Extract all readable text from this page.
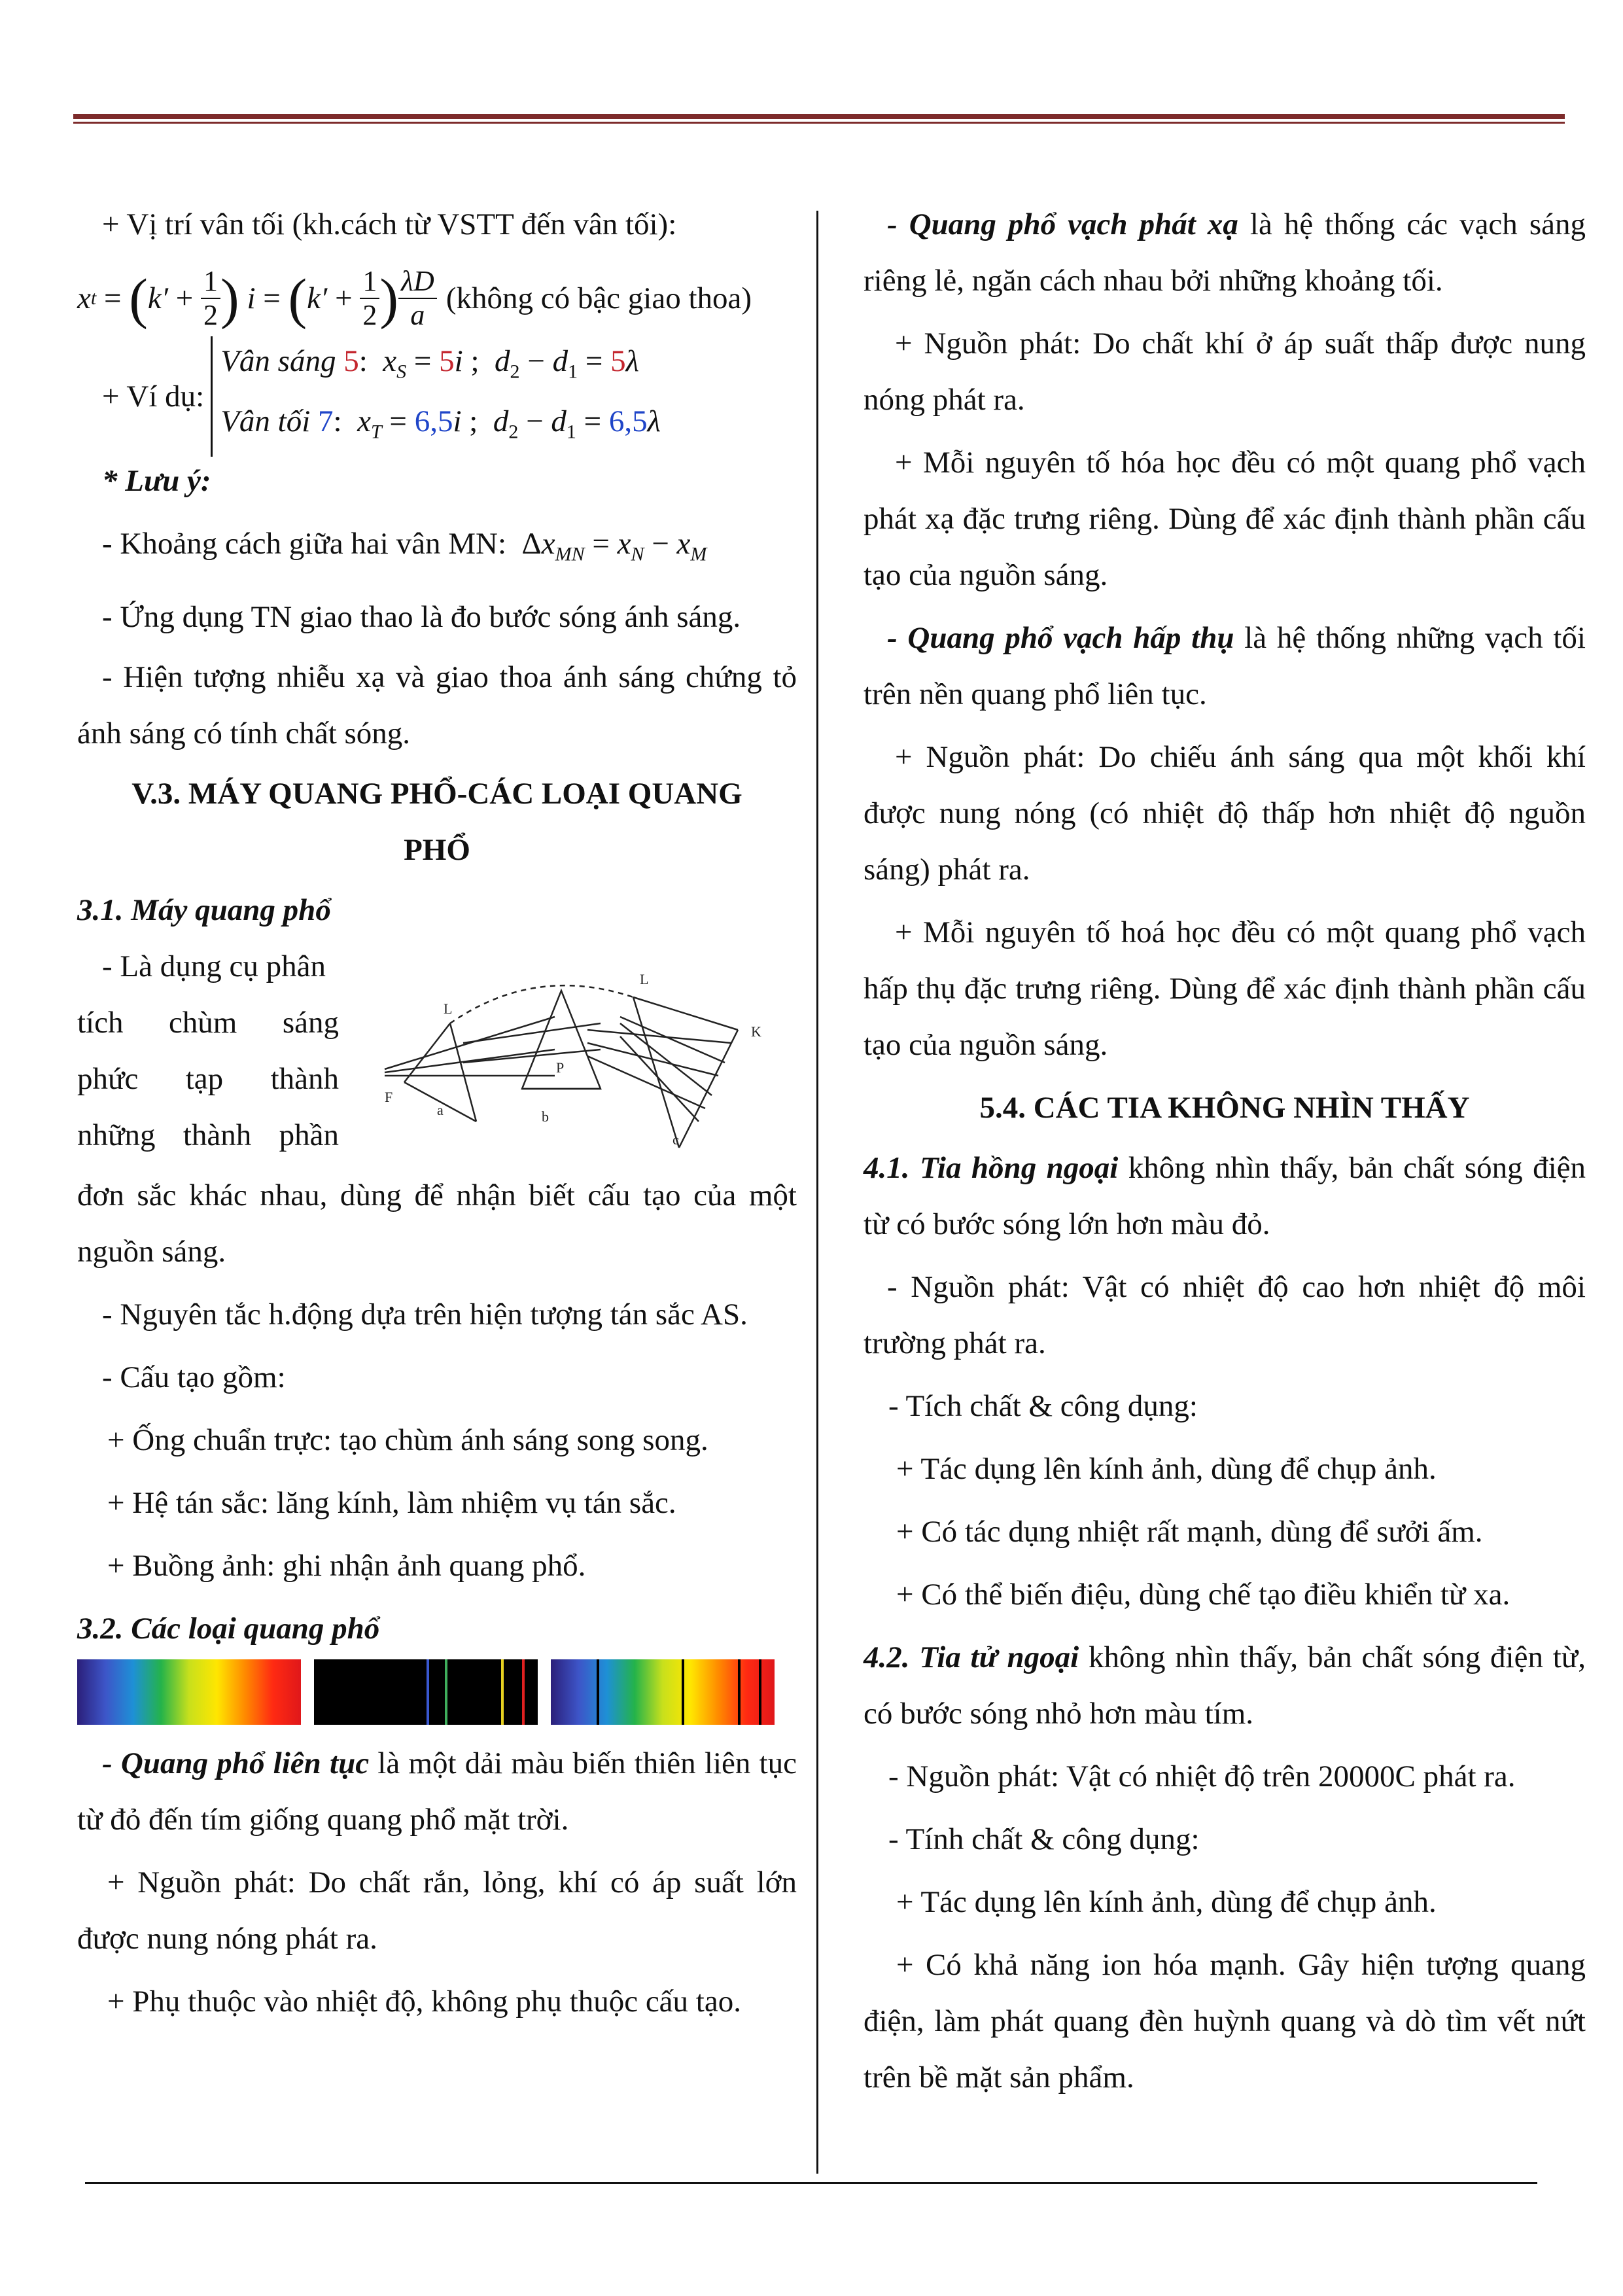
+ Vị trí vân tối (kh.cách từ VSTT đến vân tối):

x t = ( $k' + \frac{1}{2}$ ) i = ( $k' + \frac{1}{2}$ ) $\frac{\lambda D}{a}$ (không có bậc giao thoa)
+ Ví dụ:
Vân sáng 5:  $x_S = 5i$ ;  $d_2 - d_1 = 5\lambda$
Vân tối 7:  $x_T = 6,5i$ ;  $d_2 - d_1 = 6,5\lambda$

* Lưu ý:

- Khoảng cách giữa hai vân MN:  $\Delta x_{MN} = x_N - x_M$

- Ứng dụng TN giao thao là đo bước sóng ánh sáng.

- Hiện tượng nhiễu xạ và giao thoa ánh sáng chứng tỏ ánh sáng có tính chất sóng.

V.3. MÁY QUANG PHỔ-CÁC LOẠI QUANG PHỔ

3.1. Máy quang phổ

- Là dụng cụ phân

tích chùm sáng

phức tạp thành

những thành phần

L
L
K
P
a	b
c
F

đơn sắc khác nhau, dùng để nhận biết cấu tạo của một nguồn sáng.

- Nguyên tắc h.động dựa trên hiện tượng tán sắc AS.

- Cấu tạo gồm:

+ Ống chuẩn trực: tạo chùm ánh sáng song song.

+ Hệ tán sắc: lăng kính, làm nhiệm vụ tán sắc.

+ Buồng ảnh: ghi nhận ảnh quang phổ.

3.2. Các loại quang phổ

- Quang phổ liên tục là một dải màu biến thiên liên tục từ đỏ đến tím giống quang phổ mặt trời.

+ Nguồn phát: Do chất rắn, lỏng, khí có áp suất lớn được nung nóng phát ra.

+ Phụ thuộc vào nhiệt độ, không phụ thuộc cấu tạo.

- Quang phổ vạch phát xạ là hệ thống các vạch sáng riêng lẻ, ngăn cách nhau bởi những khoảng tối.

+ Nguồn phát: Do chất khí ở áp suất thấp được nung nóng phát ra.

+ Mỗi nguyên tố hóa học đều có một quang phổ vạch phát xạ đặc trưng riêng. Dùng để xác định thành phần cấu tạo của nguồn sáng.

- Quang phổ vạch hấp thụ là hệ thống những vạch tối trên nền quang phổ liên tục.

+ Nguồn phát: Do chiếu ánh sáng qua một khối khí được nung nóng (có nhiệt độ thấp hơn nhiệt độ nguồn sáng) phát ra.

+ Mỗi nguyên tố hoá học đều có một quang phổ vạch hấp thụ đặc trưng riêng. Dùng để xác định thành phần cấu tạo của nguồn sáng.

5.4. CÁC TIA KHÔNG NHÌN THẤY

4.1. Tia hồng ngoại không nhìn thấy, bản chất sóng điện từ có bước sóng lớn hơn màu đỏ.

- Nguồn phát: Vật có nhiệt độ cao hơn nhiệt độ môi trường phát ra.

- Tích chất & công dụng:

+ Tác dụng lên kính ảnh, dùng để chụp ảnh.

+ Có tác dụng nhiệt rất mạnh, dùng để sưởi ấm.

+ Có thể biến điệu, dùng chế tạo điều khiển từ xa.

4.2. Tia tử ngoại không nhìn thấy, bản chất sóng điện từ, có bước sóng nhỏ hơn màu tím.

- Nguồn phát: Vật có nhiệt độ trên 20000C phát ra.

- Tính chất & công dụng:

+ Tác dụng lên kính ảnh, dùng để chụp ảnh.

+ Có khả năng ion hóa mạnh. Gây hiện tượng quang điện, làm phát quang đèn huỳnh quang và dò tìm vết nứt trên bề mặt sản phẩm.
